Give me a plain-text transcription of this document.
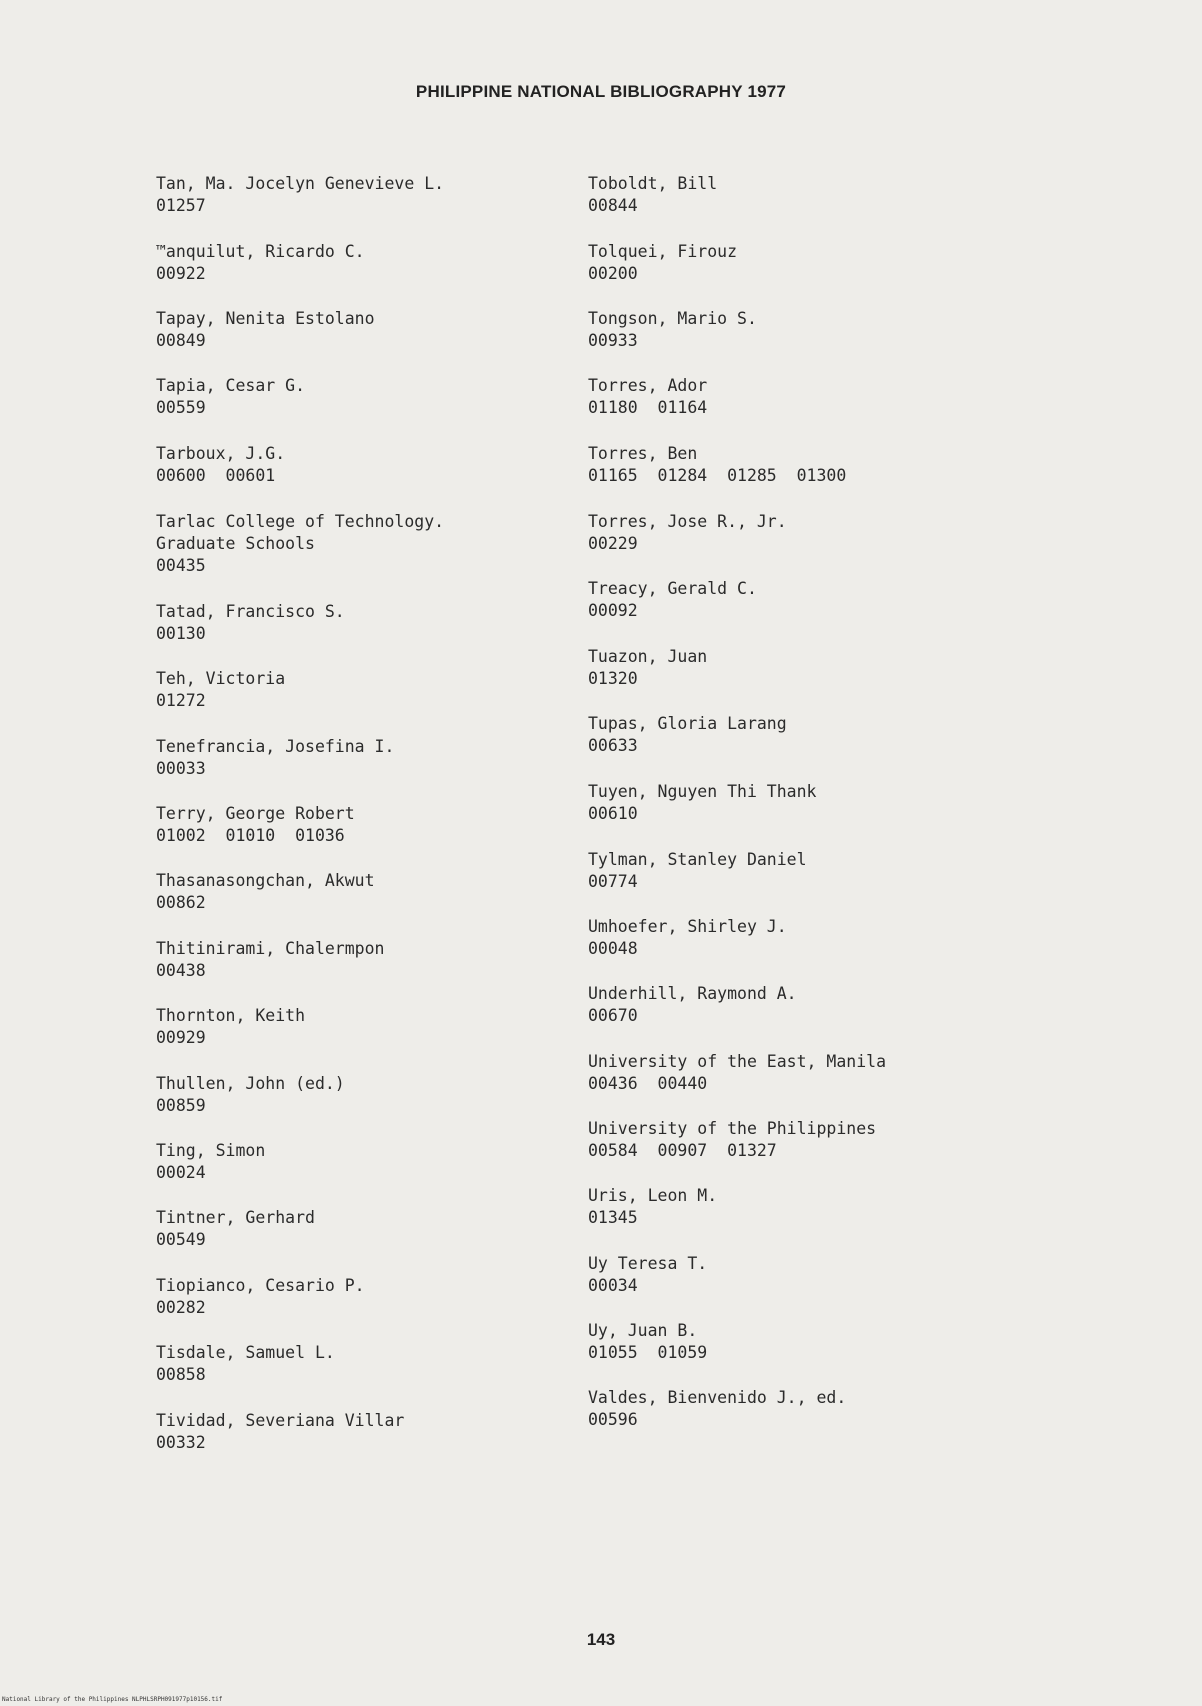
PHILIPPINE NATIONAL BIBLIOGRAPHY 1977
Tan, Ma. Jocelyn Genevieve L.
01257
™anquilut, Ricardo C.
00922
Tapay, Nenita Estolano
00849
Tapia, Cesar G.
00559
Tarboux, J.G.
00600  00601
Tarlac College of Technology.
Graduate Schools
00435
Tatad, Francisco S.
00130
Teh, Victoria
01272
Tenefrancia, Josefina I.
00033
Terry, George Robert
01002  01010  01036
Thasanasongchan, Akwut
00862
Thitinirami, Chalermpon
00438
Thornton, Keith
00929
Thullen, John (ed.)
00859
Ting, Simon
00024
Tintner, Gerhard
00549
Tiopianco, Cesario P.
00282
Tisdale, Samuel L.
00858
Tividad, Severiana Villar
00332
Toboldt, Bill
00844
Tolquei, Firouz
00200
Tongson, Mario S.
00933
Torres, Ador
01180  01164
Torres, Ben
01165  01284  01285  01300
Torres, Jose R., Jr.
00229
Treacy, Gerald C.
00092
Tuazon, Juan
01320
Tupas, Gloria Larang
00633
Tuyen, Nguyen Thi Thank
00610
Tylman, Stanley Daniel
00774
Umhoefer, Shirley J.
00048
Underhill, Raymond A.
00670
University of the East, Manila
00436  00440
University of the Philippines
00584  00907  01327
Uris, Leon M.
01345
Uy Teresa T.
00034
Uy, Juan B.
01055  01059
Valdes, Bienvenido J., ed.
00596
143
National Library of the Philippines NLPHLSRPH091977p10156.tif
